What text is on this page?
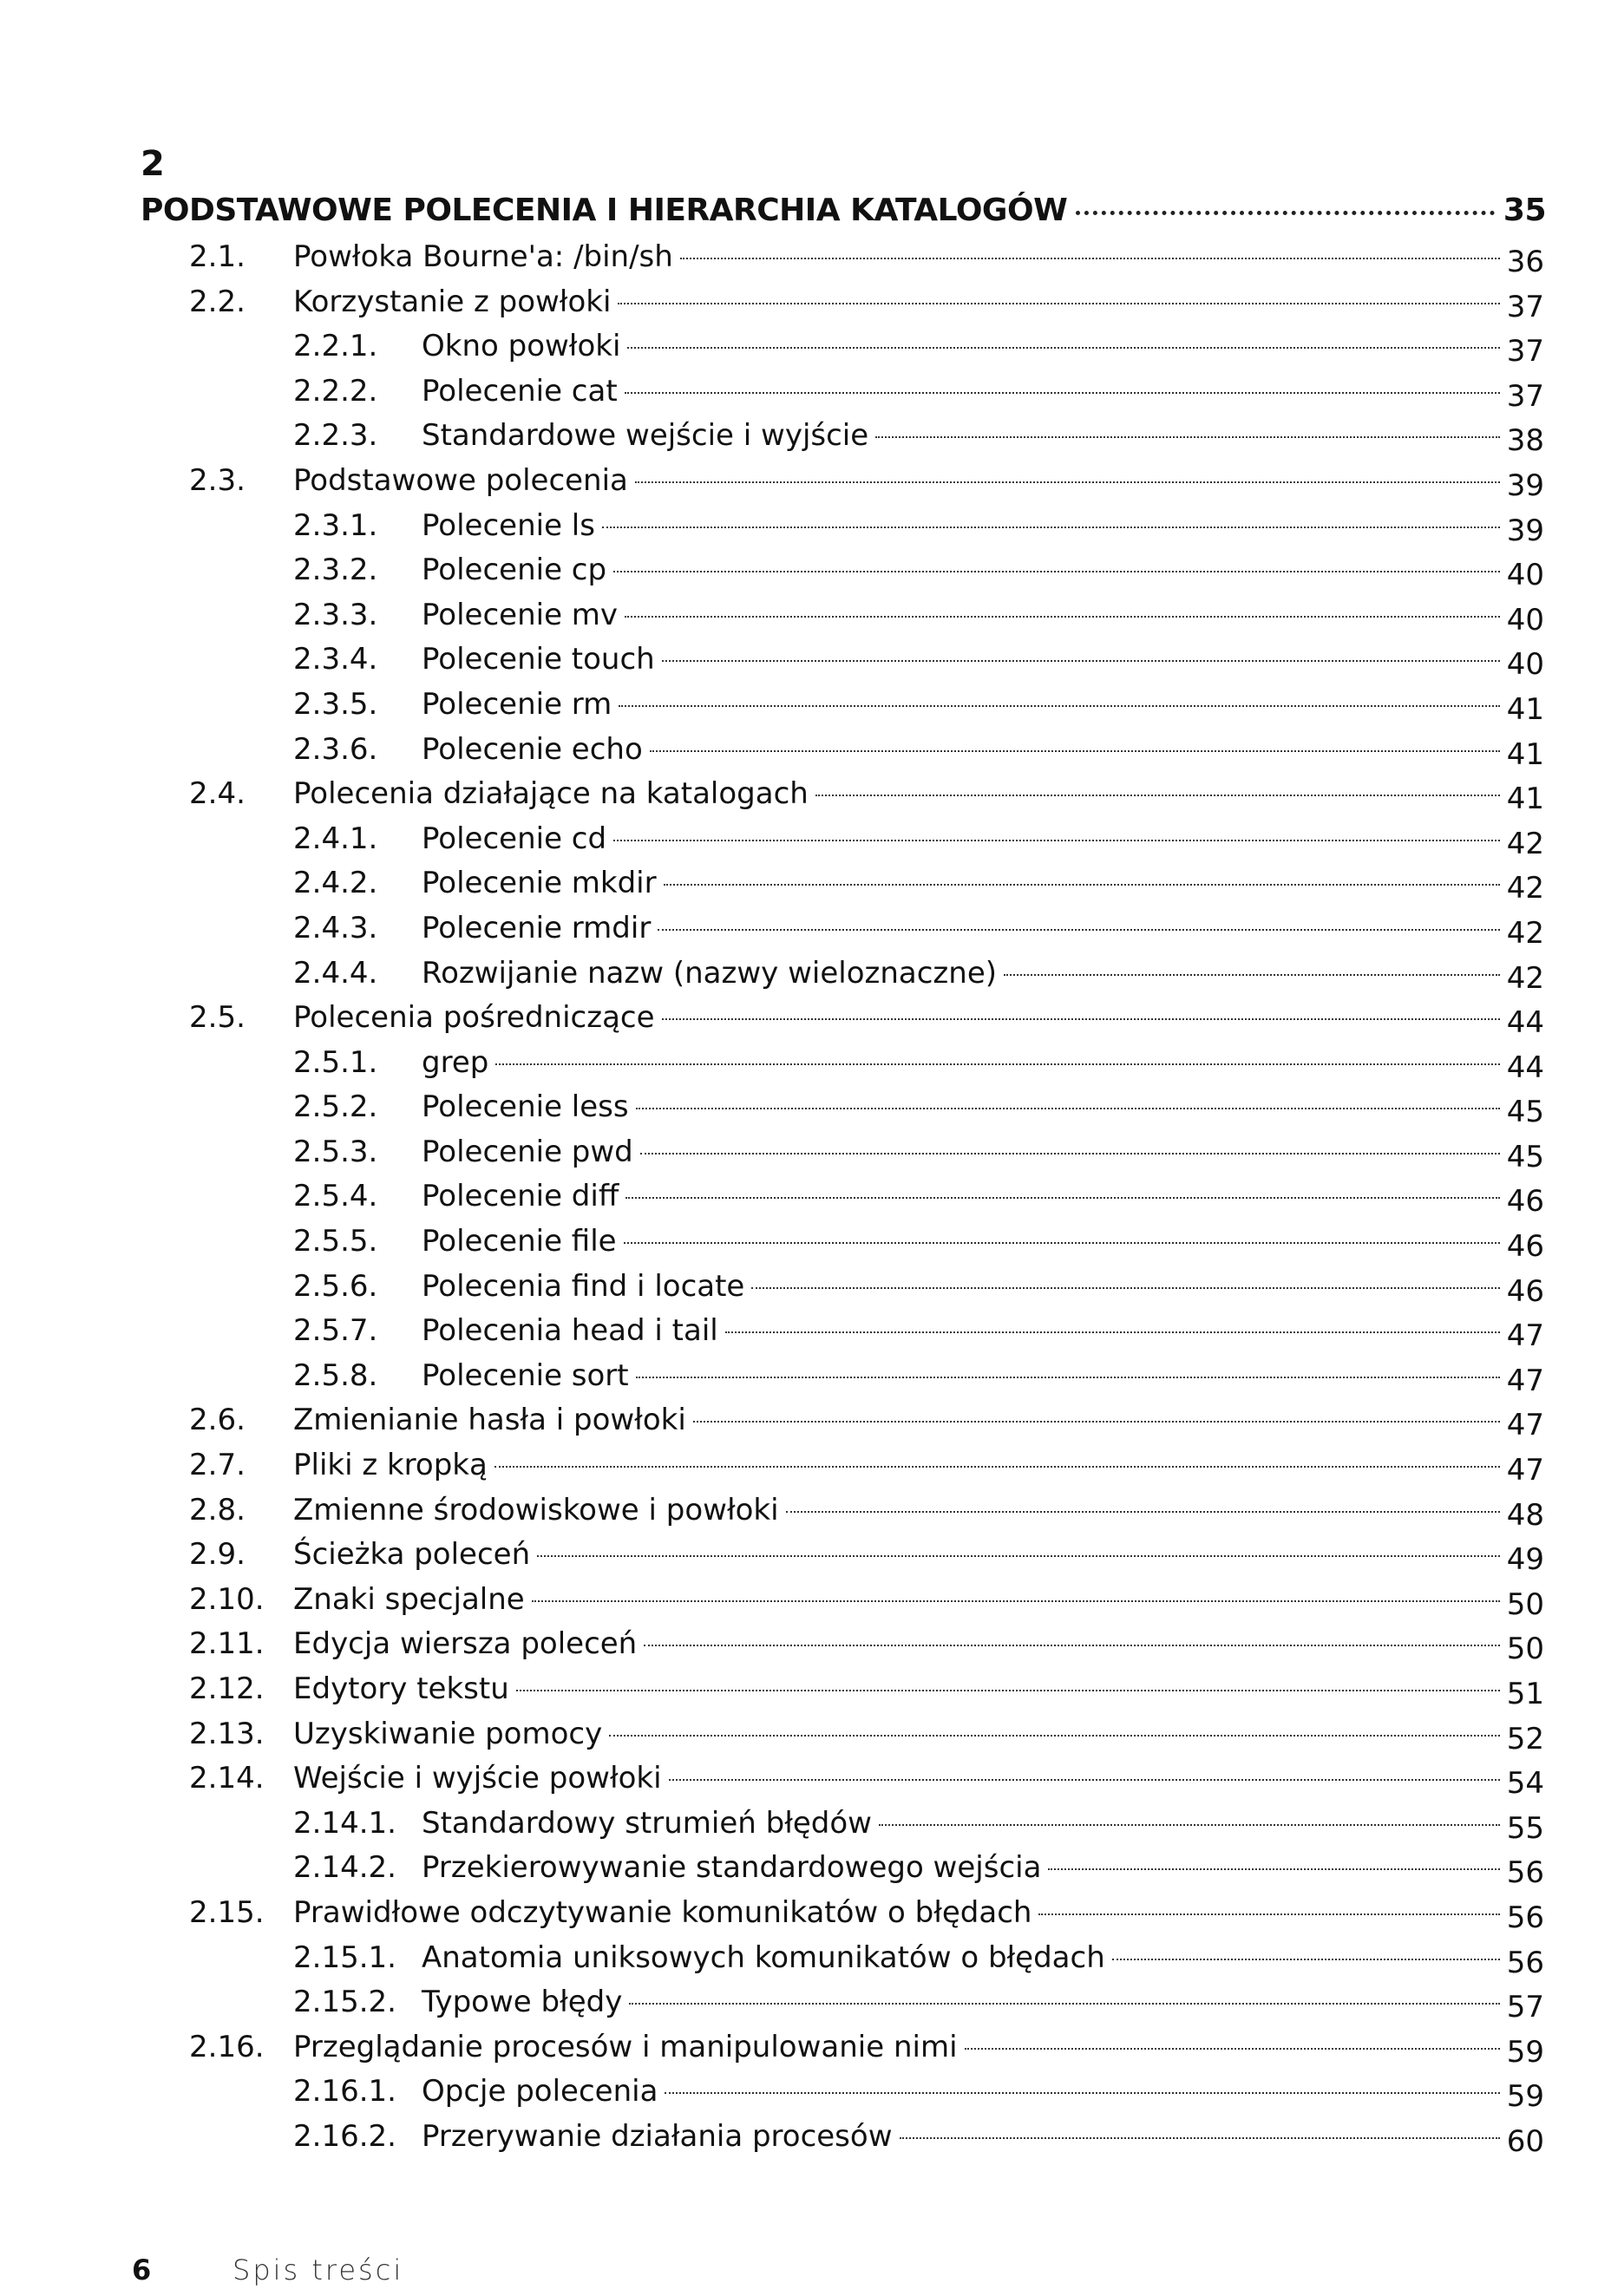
2
PODSTAWOWE POLECENIA I HIERARCHIA KATALOGÓW	35
2.1. Powłoka Bourne'a: /bin/sh	36
2.2. Korzystanie z powłoki	37
2.2.1. Okno powłoki	37
2.2.2. Polecenie cat	37
2.2.3. Standardowe wejście i wyjście	38
2.3. Podstawowe polecenia	39
2.3.1. Polecenie ls	39
2.3.2. Polecenie cp	40
2.3.3. Polecenie mv	40
2.3.4. Polecenie touch	40
2.3.5. Polecenie rm	41
2.3.6. Polecenie echo	41
2.4. Polecenia działające na katalogach	41
2.4.1. Polecenie cd	42
2.4.2. Polecenie mkdir	42
2.4.3. Polecenie rmdir	42
2.4.4. Rozwijanie nazw (nazwy wieloznaczne)	42
2.5. Polecenia pośredniczące	44
2.5.1. grep	44
2.5.2. Polecenie less	45
2.5.3. Polecenie pwd	45
2.5.4. Polecenie diff	46
2.5.5. Polecenie file	46
2.5.6. Polecenia find i locate	46
2.5.7. Polecenia head i tail	47
2.5.8. Polecenie sort	47
2.6. Zmienianie hasła i powłoki	47
2.7. Pliki z kropką	47
2.8. Zmienne środowiskowe i powłoki	48
2.9. Ścieżka poleceń	49
2.10. Znaki specjalne	50
2.11. Edycja wiersza poleceń	50
2.12. Edytory tekstu	51
2.13. Uzyskiwanie pomocy	52
2.14. Wejście i wyjście powłoki	54
2.14.1. Standardowy strumień błędów	55
2.14.2. Przekierowywanie standardowego wejścia	56
2.15. Prawidłowe odczytywanie komunikatów o błędach	56
2.15.1. Anatomia uniksowych komunikatów o błędach	56
2.15.2. Typowe błędy	57
2.16. Przeglądanie procesów i manipulowanie nimi	59
2.16.1. Opcje polecenia	59
2.16.2. Przerywanie działania procesów	60
6	Spis treści
